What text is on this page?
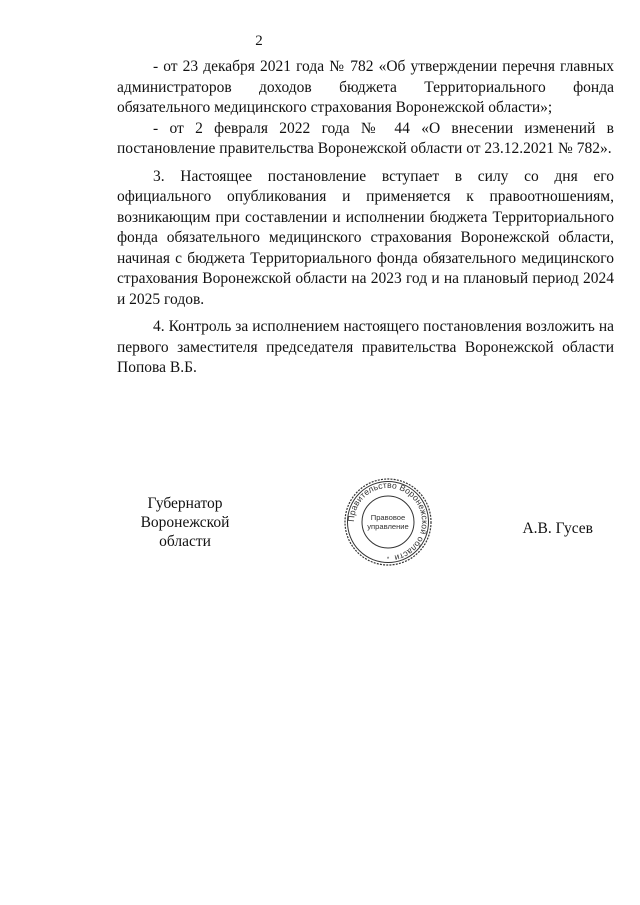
2

- от 23 декабря 2021 года № 782 «Об утверждении перечня главных администраторов доходов бюджета Территориального фонда обязательного медицинского страхования Воронежской области»;

- от 2 февраля 2022 года № 44 «О внесении изменений в постановление правительства Воронежской области от 23.12.2021 № 782».

3. Настоящее постановление вступает в силу со дня его официального опубликования и применяется к правоотношениям, возникающим при составлении и исполнении бюджета Территориального фонда обязательного медицинского страхования Воронежской области, начиная с бюджета Территориального фонда обязательного медицинского страхования Воронежской области на 2023 год и на плановый период 2024 и 2025 годов.

4. Контроль за исполнением настоящего постановления возложить на первого заместителя председателя правительства Воронежской области Попова В.Б.

Губернатор
Воронежской области
Правительство Воронежской области
Правовое
управление
*
А.В. Гусев
